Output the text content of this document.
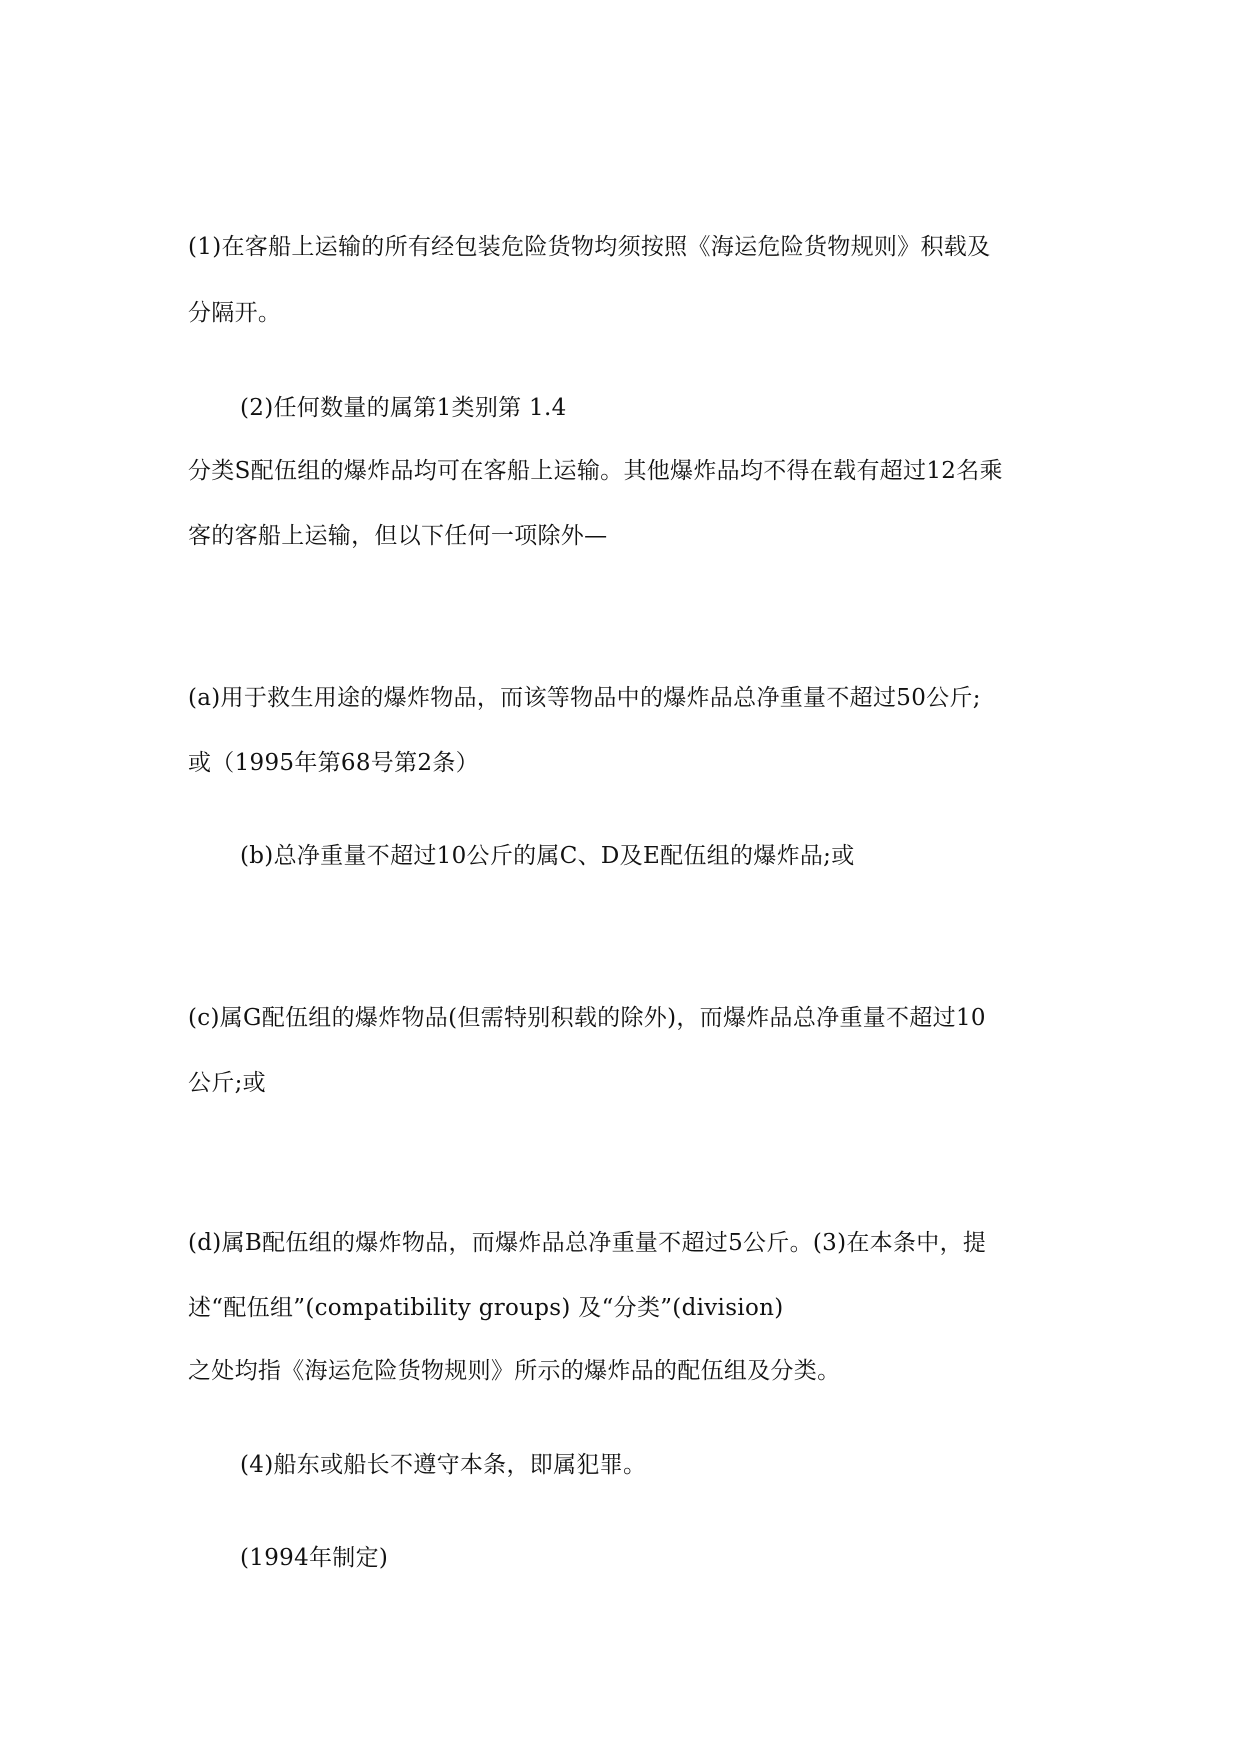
(1)在客船上运输的所有经包装危险货物均须按照《海运危险货物规则》积载及
分隔开。
(2)任何数量的属第1类别第 1.4
分类S配伍组的爆炸品均可在客船上运输。其他爆炸品均不得在载有超过12名乘
客的客船上运输，但以下任何一项除外—
(a)用于救生用途的爆炸物品，而该等物品中的爆炸品总净重量不超过50公斤;
或（1995年第68号第2条）
(b)总净重量不超过10公斤的属C、D及E配伍组的爆炸品;或
(c)属G配伍组的爆炸物品(但需特别积载的除外)，而爆炸品总净重量不超过10
公斤;或
(d)属B配伍组的爆炸物品，而爆炸品总净重量不超过5公斤。(3)在本条中，提
述“配伍组”(compatibility groups) 及“分类”(division)
之处均指《海运危险货物规则》所示的爆炸品的配伍组及分类。
(4)船东或船长不遵守本条，即属犯罪。
(1994年制定)
